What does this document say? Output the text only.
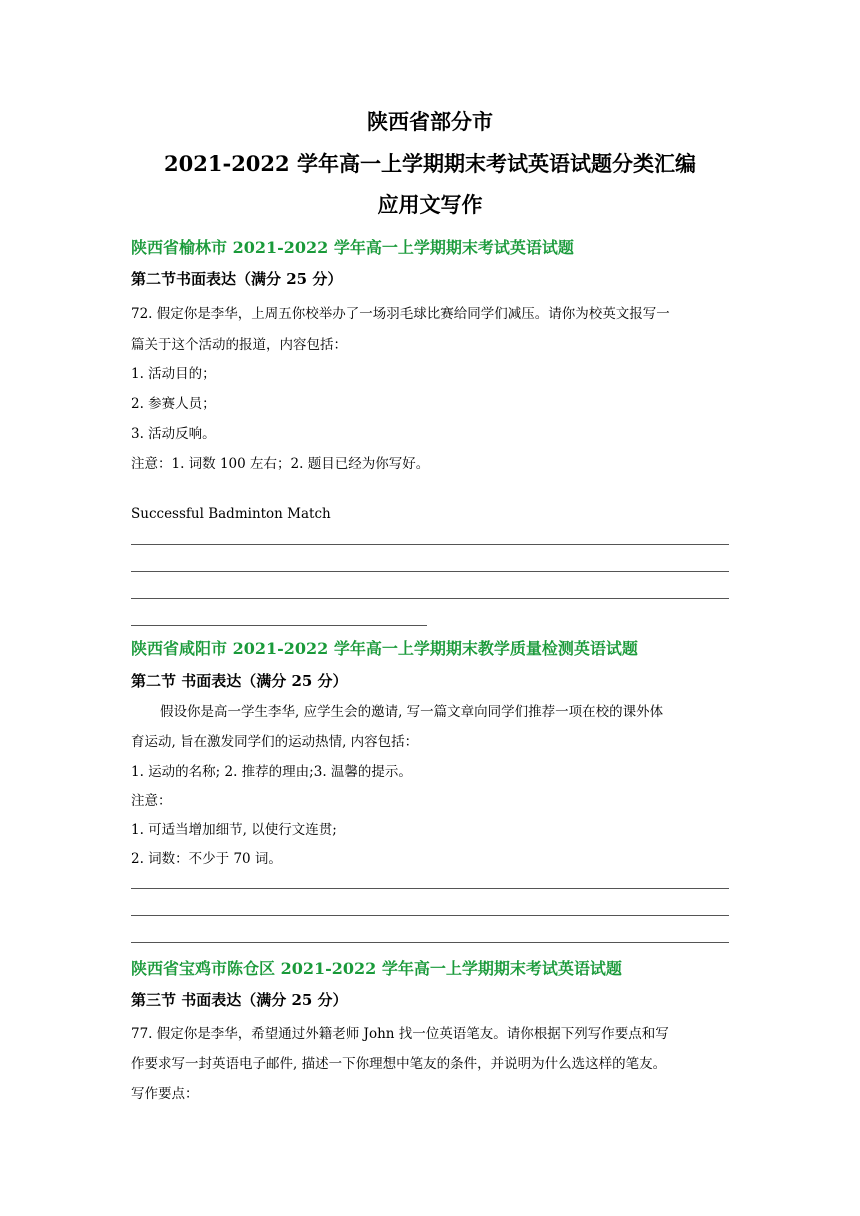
陕西省部分市
2021-2022 学年高一上学期期末考试英语试题分类汇编
应用文写作
陕西省榆林市 2021-2022 学年高一上学期期末考试英语试题
第二节书面表达（满分 25 分）
72. 假定你是李华，上周五你校举办了一场羽毛球比赛给同学们减压。请你为校英文报写一
篇关于这个活动的报道，内容包括：
1. 活动目的；
2. 参赛人员；
3. 活动反响。
注意：1. 词数 100 左右；2. 题目已经为你写好。
Successful Badminton Match
陕西省咸阳市 2021-2022 学年高一上学期期末教学质量检测英语试题
第二节 书面表达（满分 25 分）
假设你是高一学生李华, 应学生会的邀请, 写一篇文章向同学们推荐一项在校的课外体
育运动, 旨在激发同学们的运动热情, 内容包括：
1. 运动的名称; 2. 推荐的理由;3. 温馨的提示。
注意：
1. 可适当增加细节, 以使行文连贯;
2. 词数：不少于 70 词。
陕西省宝鸡市陈仓区 2021-2022 学年高一上学期期末考试英语试题
第三节 书面表达（满分 25 分）
77. 假定你是李华，希望通过外籍老师 John 找一位英语笔友。请你根据下列写作要点和写
作要求写一封英语电子邮件, 描述一下你理想中笔友的条件，并说明为什么选这样的笔友。
写作要点：
